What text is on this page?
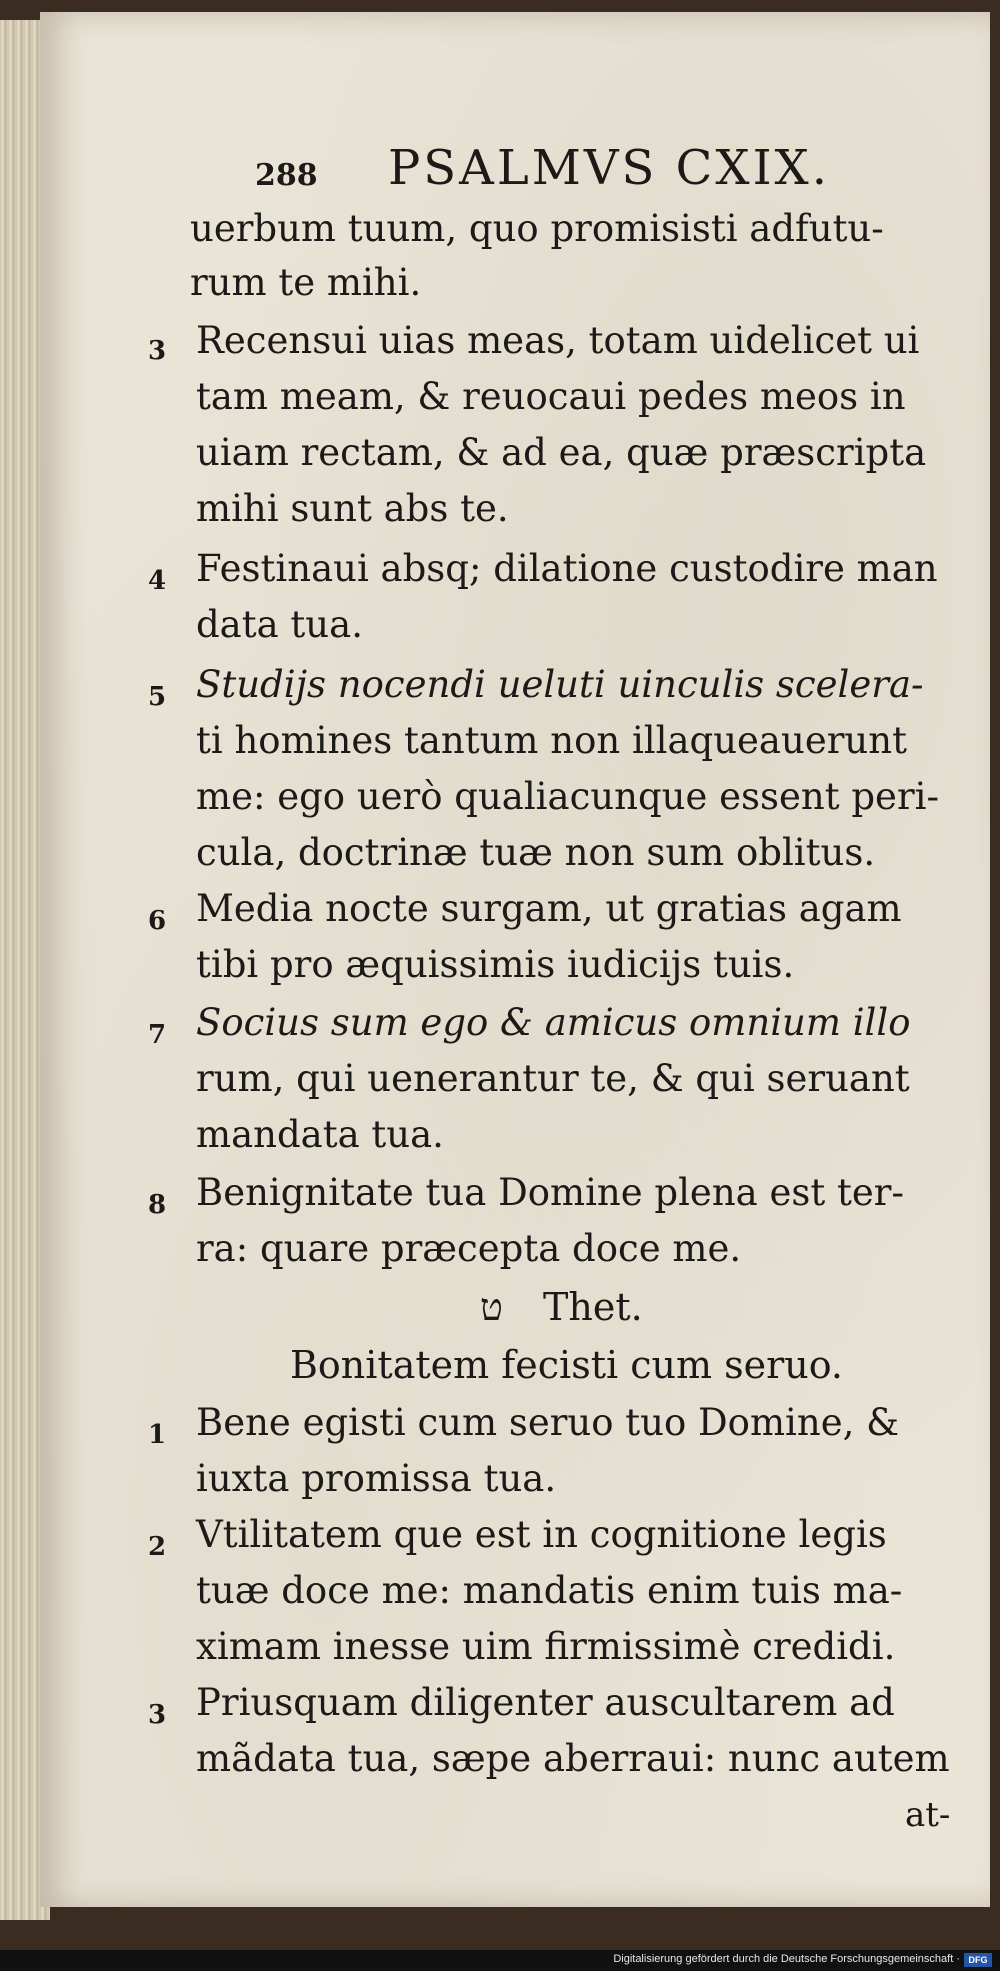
288 PSALMVS CXIX.
uerbum tuum, quo promisisti adfutu-
rum te mihi.
3 Recensui uias meas, totam uidelicet ui
tam meam, & reuocaui pedes meos in
uiam rectam, & ad ea, quæ præscripta
mihi sunt abs te.
4 Festinaui absq; dilatione custodire man
data tua.
5 Studijs nocendi ueluti uinculis scelera-
ti homines tantum non illaqueauerunt
me: ego uerò qualiacunque essent peri-
cula, doctrinæ tuæ non sum oblitus.
6 Media nocte surgam, ut gratias agam
tibi pro æquissimis iudicijs tuis.
7 Socius sum ego & amicus omnium illo
rum, qui uenerantur te, & qui seruant
mandata tua.
8 Benignitate tua Domine plena est ter-
ra: quare præcepta doce me.
ט Thet.
Bonitatem fecisti cum seruo.
1 Bene egisti cum seruo tuo Domine, &
iuxta promissa tua.
2 Vtilitatem que est in cognitione legis
tuæ doce me: mandatis enim tuis ma-
ximam inesse uim firmissimè credidi.
3 Priusquam diligenter auscultarem ad
mãdata tua, sæpe aberraui: nunc autem
at-
Digitalisierung gefördert durch die Deutsche Forschungsgemeinschaft · DFG
